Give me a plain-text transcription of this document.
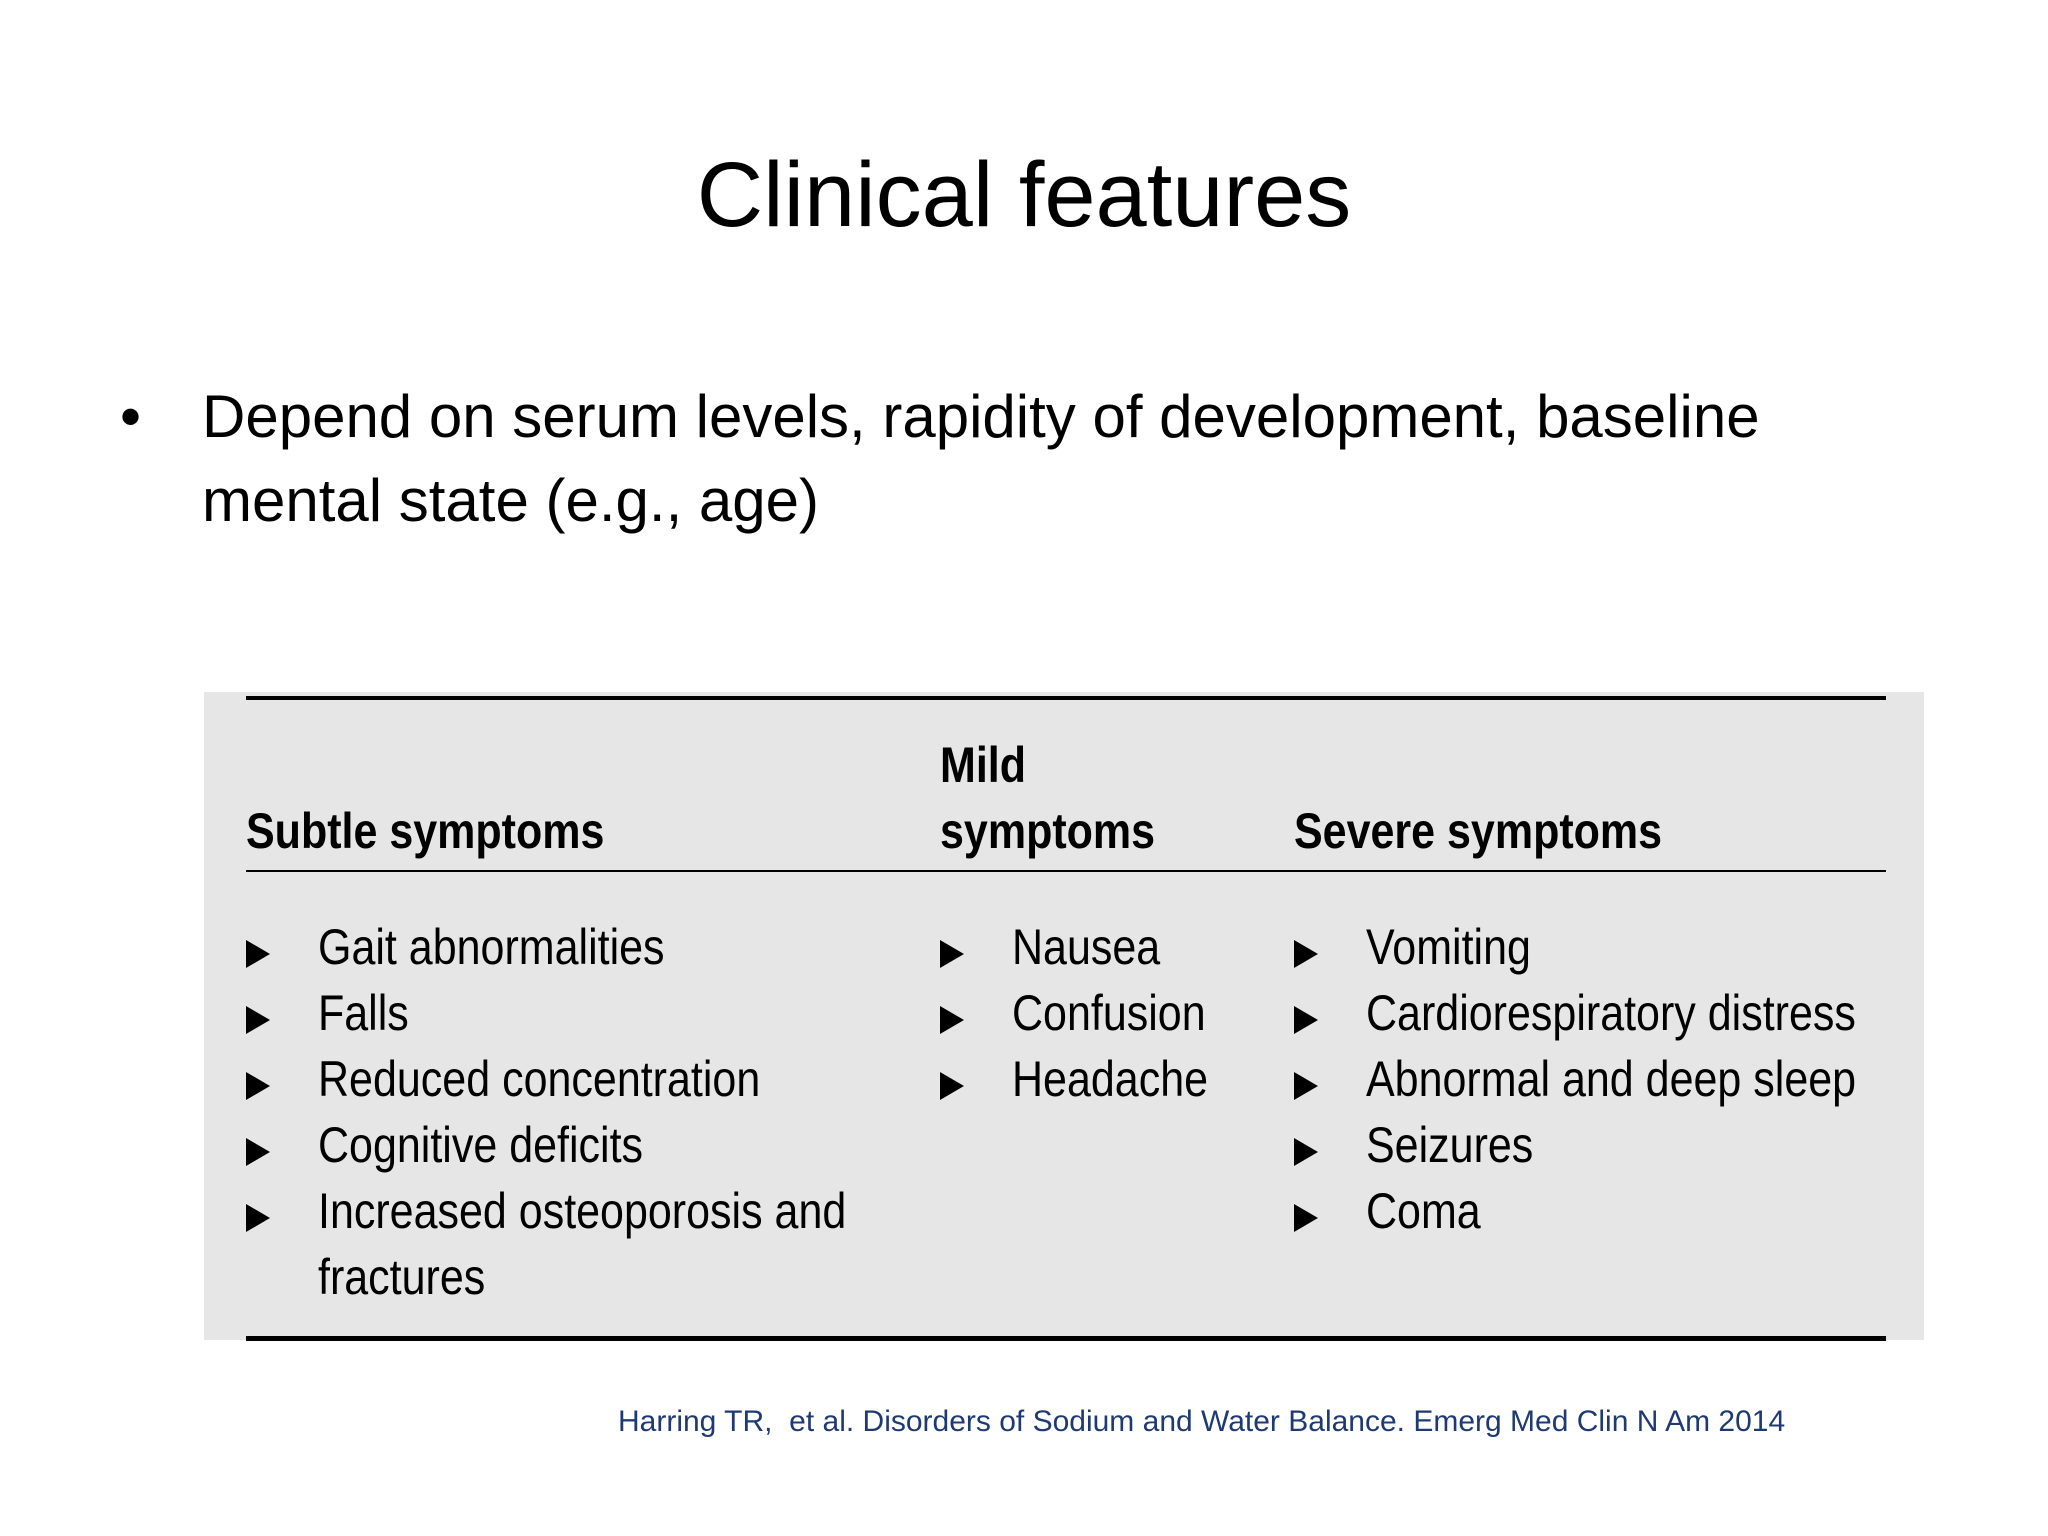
Clinical features
• Depend on serum levels, rapidity of development, baseline
mental state (e.g., age)
Subtle symptoms
Gait abnormalities
Falls
Reduced concentration
Cognitive deficits
Increased osteoporosis and
fractures
Mild
symptoms
Nausea
Confusion
Headache
Severe symptoms
Vomiting
Cardiorespiratory distress
Abnormal and deep sleep
Seizures
Coma
Harring TR,  et al. Disorders of Sodium and Water Balance. Emerg Med Clin N Am 2014
